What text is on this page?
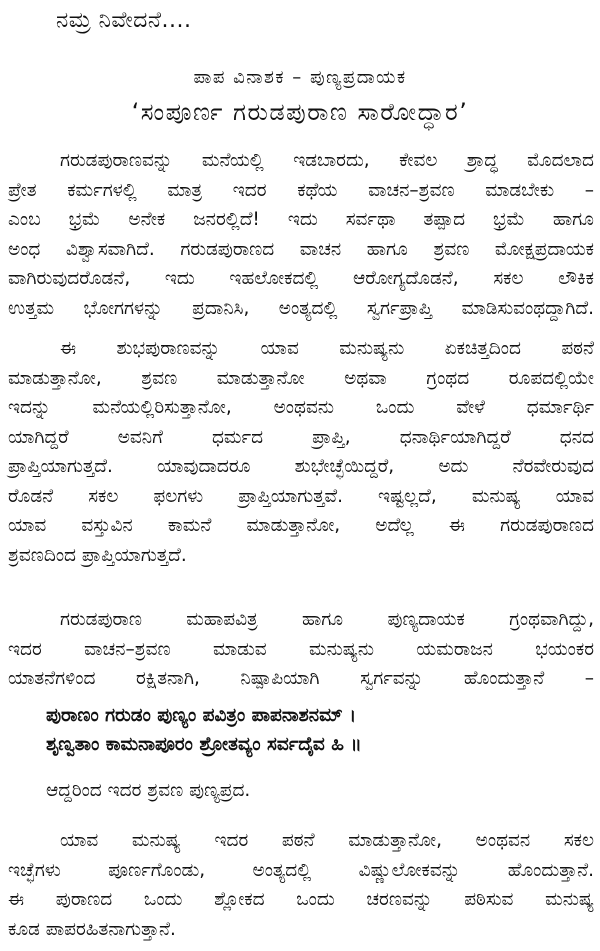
ನಮ್ರ ನಿವೇದನೆ....
ಪಾಪ ವಿನಾಶಕ – ಪುಣ್ಯಪ್ರದಾಯಕ
‘ಸಂಪೂರ್ಣ ಗರುಡಪುರಾಣ ಸಾರೋದ್ಧಾರ’
ಗರುಡಪುರಾಣವನ್ನು ಮನೆಯಲ್ಲಿ ಇಡಬಾರದು, ಕೇವಲ ಶ್ರಾದ್ಧ ಮೊದಲಾದ
ಪ್ರೇತ ಕರ್ಮಗಳಲ್ಲಿ ಮಾತ್ರ ಇದರ ಕಥೆಯ ವಾಚನ–ಶ್ರವಣ ಮಾಡಬೇಕು –
ಎಂಬ ಭ್ರಮೆ ಅನೇಕ ಜನರಲ್ಲಿದೆ! ಇದು ಸರ್ವಥಾ ತಪ್ಪಾದ ಭ್ರಮೆ ಹಾಗೂ
ಅಂಧ ವಿಶ್ವಾಸವಾಗಿದೆ. ಗರುಡಪುರಾಣದ ವಾಚನ ಹಾಗೂ ಶ್ರವಣ ಮೋಕ್ಷಪ್ರದಾಯಕ
ವಾಗಿರುವುದರೊಡನೆ, ಇದು ಇಹಲೋಕದಲ್ಲಿ ಆರೋಗ್ಯದೊಡನೆ, ಸಕಲ ಲೌಕಿಕ
ಉತ್ತಮ ಭೋಗಗಳನ್ನು ಪ್ರದಾನಿಸಿ, ಅಂತ್ಯದಲ್ಲಿ ಸ್ವರ್ಗಪ್ರಾಪ್ತಿ ಮಾಡಿಸುವಂಥದ್ದಾಗಿದೆ.
ಈ ಶುಭಪುರಾಣವನ್ನು ಯಾವ ಮನುಷ್ಯನು ಏಕಚಿತ್ತದಿಂದ ಪಠನೆ
ಮಾಡುತ್ತಾನೋ, ಶ್ರವಣ ಮಾಡುತ್ತಾನೋ ಅಥವಾ ಗ್ರಂಥದ ರೂಪದಲ್ಲಿಯೇ
ಇದನ್ನು ಮನೆಯಲ್ಲಿರಿಸುತ್ತಾನೋ, ಅಂಥವನು ಒಂದು ವೇಳೆ ಧರ್ಮಾರ್ಥಿ
ಯಾಗಿದ್ದರೆ ಅವನಿಗೆ ಧರ್ಮದ ಪ್ರಾಪ್ತಿ, ಧನಾರ್ಥಿಯಾಗಿದ್ದರೆ ಧನದ
ಪ್ರಾಪ್ತಿಯಾಗುತ್ತದೆ. ಯಾವುದಾದರೂ ಶುಭೇಚ್ಛೆಯಿದ್ದರೆ, ಅದು ನೆರವೇರುವುದ
ರೊಡನೆ ಸಕಲ ಫಲಗಳು ಪ್ರಾಪ್ತಿಯಾಗುತ್ತವೆ. ಇಷ್ಟಲ್ಲದೆ, ಮನುಷ್ಯ ಯಾವ
ಯಾವ ವಸ್ತುವಿನ ಕಾಮನೆ ಮಾಡುತ್ತಾನೋ, ಅದೆಲ್ಲ ಈ ಗರುಡಪುರಾಣದ
ಶ್ರವಣದಿಂದ ಪ್ರಾಪ್ತಿಯಾಗುತ್ತದೆ.
ಗರುಡಪುರಾಣ ಮಹಾಪವಿತ್ರ ಹಾಗೂ ಪುಣ್ಯದಾಯಕ ಗ್ರಂಥವಾಗಿದ್ದು,
ಇದರ ವಾಚನ–ಶ್ರವಣ ಮಾಡುವ ಮನುಷ್ಯನು ಯಮರಾಜನ ಭಯಂಕರ
ಯಾತನೆಗಳಿಂದ ರಕ್ಷಿತನಾಗಿ, ನಿಷ್ಪಾಪಿಯಾಗಿ ಸ್ವರ್ಗವನ್ನು ಹೊಂದುತ್ತಾನೆ –
ಪುರಾಣಂ ಗರುಡಂ ಪುಣ್ಯಂ ಪವಿತ್ರಂ ಪಾಪನಾಶನಮ್ ।
ಶೃಣ್ವತಾಂ ಕಾಮನಾಪೂರಂ ಶ್ರೋತವ್ಯಂ ಸರ್ವದೈವ ಹಿ ॥
ಆದ್ದರಿಂದ ಇದರ ಶ್ರವಣ ಪುಣ್ಯಪ್ರದ.
ಯಾವ ಮನುಷ್ಯ ಇದರ ಪಠನೆ ಮಾಡುತ್ತಾನೋ, ಅಂಥವನ ಸಕಲ
ಇಚ್ಛೆಗಳು ಪೂರ್ಣಗೊಂಡು, ಅಂತ್ಯದಲ್ಲಿ ವಿಷ್ಣುಲೋಕವನ್ನು ಹೊಂದುತ್ತಾನೆ.
ಈ ಪುರಾಣದ ಒಂದು ಶ್ಲೋಕದ ಒಂದು ಚರಣವನ್ನು ಪಠಿಸುವ ಮನುಷ್ಯ
ಕೂಡ ಪಾಪರಹಿತನಾಗುತ್ತಾನೆ.
